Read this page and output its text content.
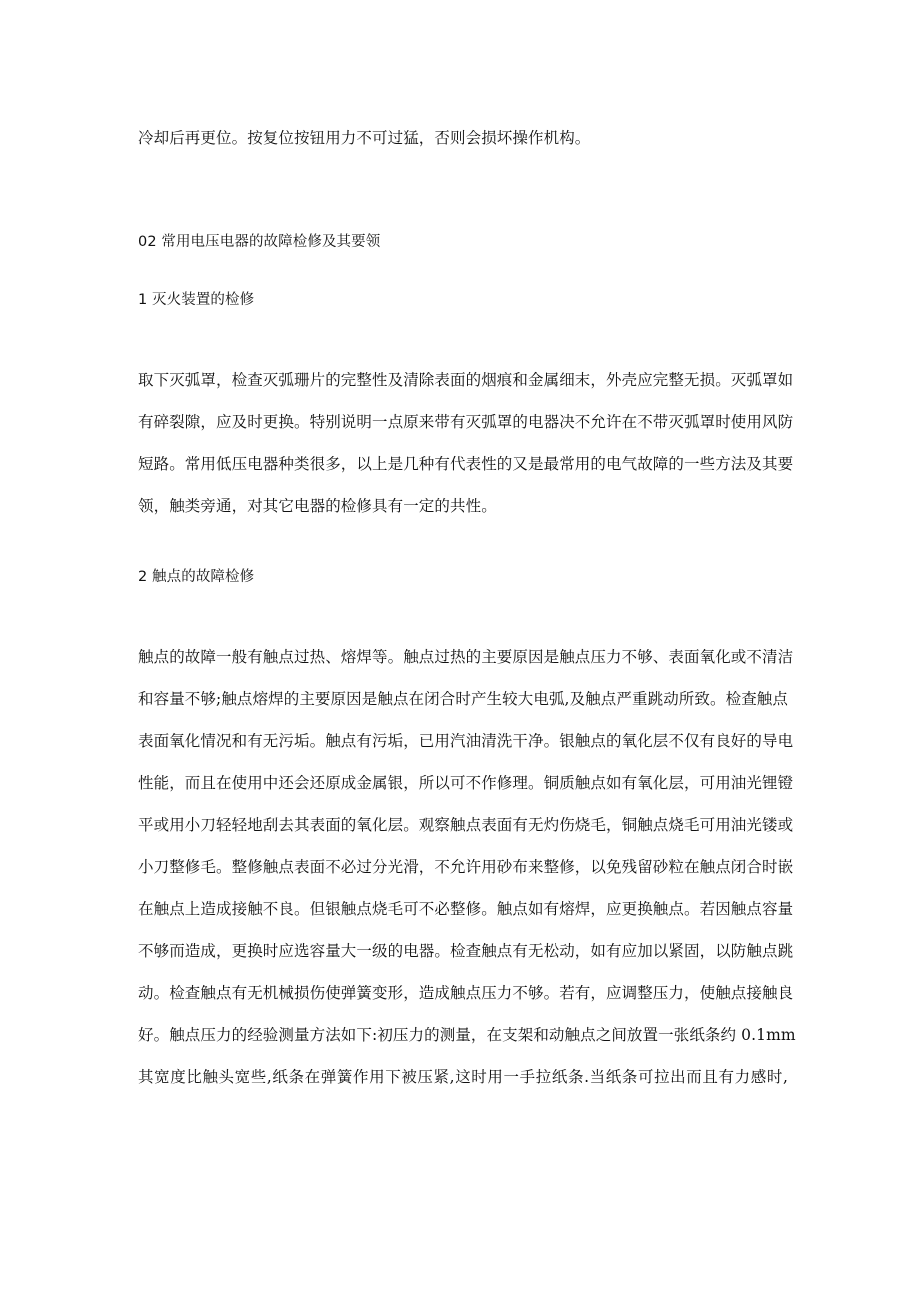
冷却后再更位。按复位按钮用力不可过猛，否则会损坏操作机构。
02 常用电压电器的故障检修及其要领
1 灭火装置的检修
取下灭弧罩，检查灭弧珊片的完整性及清除表面的烟痕和金属细末，外壳应完整无损。灭弧罩如
有碎裂隙，应及时更换。特别说明一点原来带有灭弧罩的电器决不允许在不带灭弧罩时使用风防
短路。常用低压电器种类很多，以上是几种有代表性的又是最常用的电气故障的一些方法及其要
领，触类旁通，对其它电器的检修具有一定的共性。
2 触点的故障检修
触点的故障一般有触点过热、熔焊等。触点过热的主要原因是触点压力不够、表面氧化或不清洁
和容量不够;触点熔焊的主要原因是触点在闭合时产生较大电弧,及触点严重跳动所致。检查触点
表面氧化情况和有无污垢。触点有污垢，已用汽油清洗干净。银触点的氧化层不仅有良好的导电
性能，而且在使用中还会还原成金属银，所以可不作修理。铜质触点如有氧化层，可用油光锂镫
平或用小刀轻轻地刮去其表面的氧化层。观察触点表面有无灼伤烧毛，铜触点烧毛可用油光镂或
小刀整修毛。整修触点表面不必过分光滑，不允许用砂布来整修，以免残留砂粒在触点闭合时嵌
在触点上造成接触不良。但银触点烧毛可不必整修。触点如有熔焊，应更换触点。若因触点容量
不够而造成，更换时应选容量大一级的电器。检查触点有无松动，如有应加以紧固，以防触点跳
动。检查触点有无机械损伤使弹簧变形，造成触点压力不够。若有，应调整压力，使触点接触良
好。触点压力的经验测量方法如下:初压力的测量，在支架和动触点之间放置一张纸条约 0.1mm
其宽度比触头宽些,纸条在弹簧作用下被压紧,这时用一手拉纸条.当纸条可拉出而且有力感时,
